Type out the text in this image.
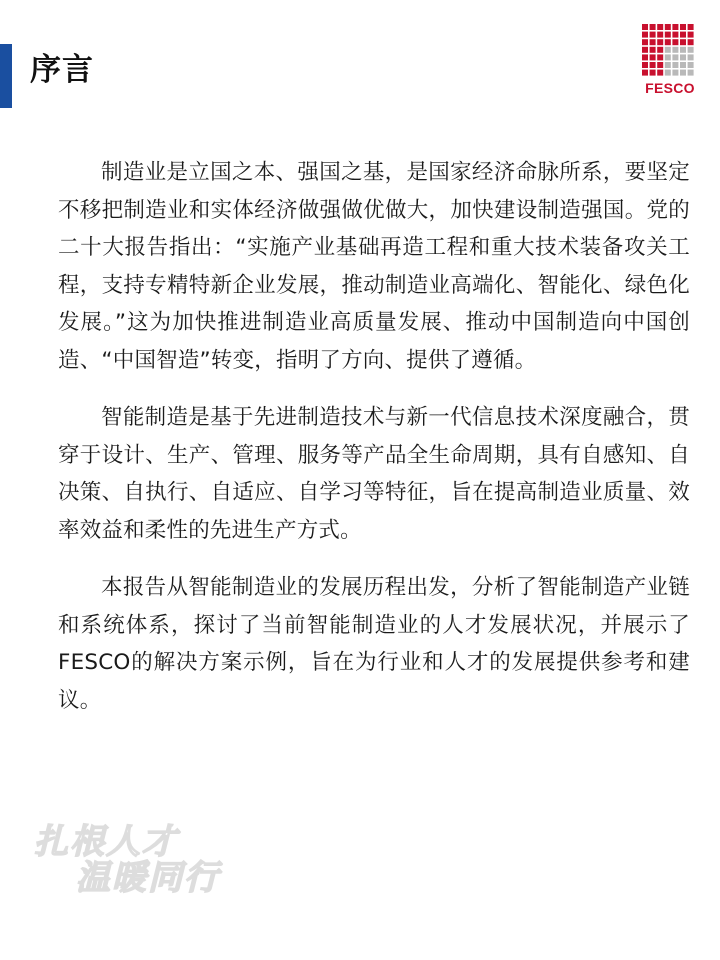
序言	FESCO

制造业是立国之本、强国之基，是国家经济命脉所系，要坚定不移把制造业和实体经济做强做优做大，加快建设制造强国。党的二十大报告指出：“实施产业基础再造工程和重大技术装备攻关工程，支持专精特新企业发展，推动制造业高端化、智能化、绿色化发展。”这为加快推进制造业高质量发展、推动中国制造向中国创造、“中国智造”转变，指明了方向、提供了遵循。

智能制造是基于先进制造技术与新一代信息技术深度融合，贯穿于设计、生产、管理、服务等产品全生命周期，具有自感知、自决策、自执行、自适应、自学习等特征，旨在提高制造业质量、效率效益和柔性的先进生产方式。

本报告从智能制造业的发展历程出发，分析了智能制造产业链和系统体系，探讨了当前智能制造业的人才发展状况，并展示了FESCO的解决方案示例，旨在为行业和人才的发展提供参考和建议。

扎根人才
温暖同行
